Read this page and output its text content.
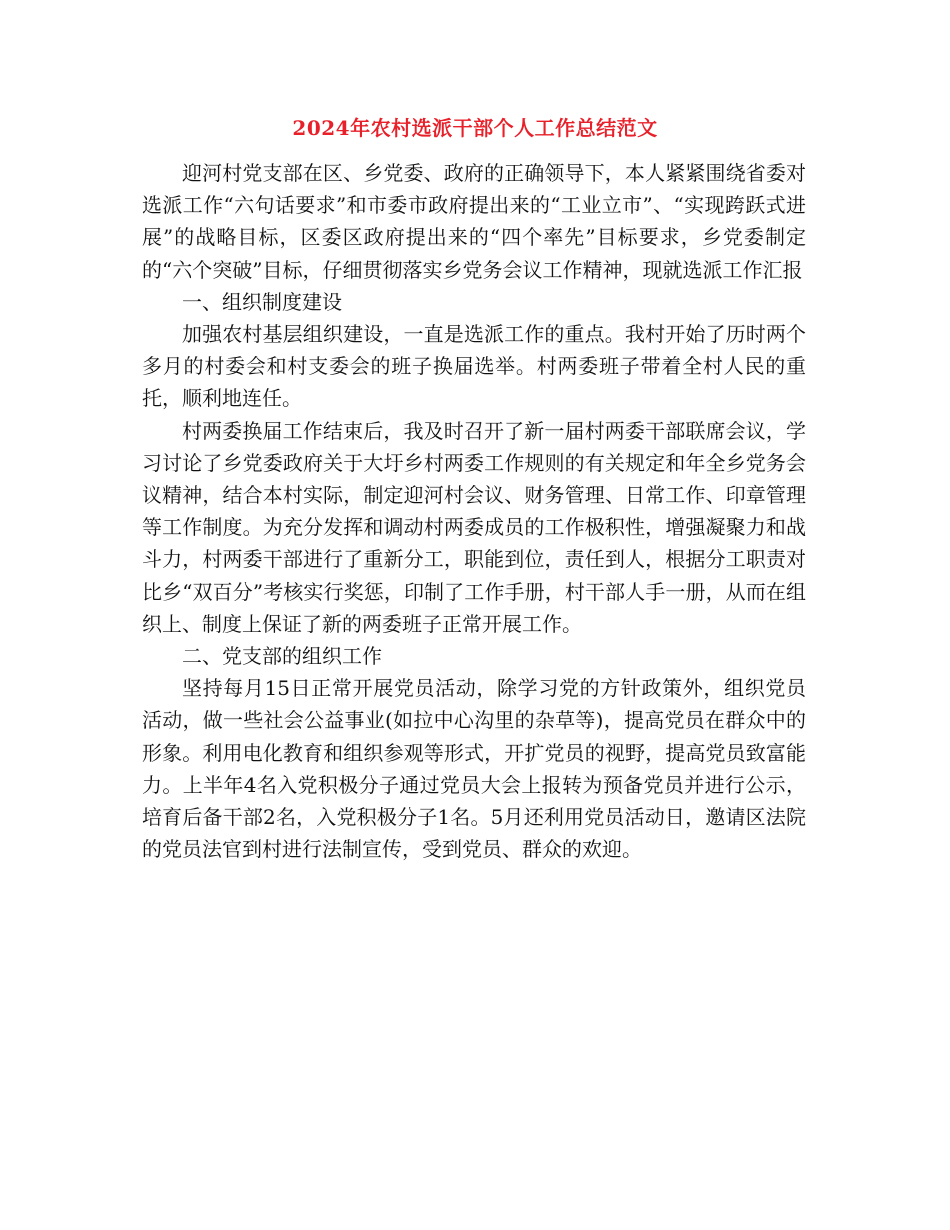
2024年农村选派干部个人工作总结范文

迎河村党支部在区、乡党委、政府的正确领导下，本人紧紧围绕省委对选派工作“六句话要求”和市委市政府提出来的“工业立市”、“实现跨跃式进展”的战略目标，区委区政府提出来的“四个率先”目标要求，乡党委制定的“六个突破”目标，仔细贯彻落实乡党务会议工作精神，现就选派工作汇报

一、组织制度建设

加强农村基层组织建设，一直是选派工作的重点。我村开始了历时两个多月的村委会和村支委会的班子换届选举。村两委班子带着全村人民的重托，顺利地连任。

村两委换届工作结束后，我及时召开了新一届村两委干部联席会议，学习讨论了乡党委政府关于大圩乡村两委工作规则的有关规定和年全乡党务会议精神，结合本村实际，制定迎河村会议、财务管理、日常工作、印章管理等工作制度。为充分发挥和调动村两委成员的工作极积性，增强凝聚力和战斗力，村两委干部进行了重新分工，职能到位，责任到人，根据分工职责对比乡“双百分”考核实行奖惩，印制了工作手册，村干部人手一册，从而在组织上、制度上保证了新的两委班子正常开展工作。

二、党支部的组织工作

坚持每月15日正常开展党员活动，除学习党的方针政策外，组织党员活动，做一些社会公益事业(如拉中心沟里的杂草等)，提高党员在群众中的形象。利用电化教育和组织参观等形式，开扩党员的视野，提高党员致富能力。上半年4名入党积极分子通过党员大会上报转为预备党员并进行公示，培育后备干部2名，入党积极分子1名。5月还利用党员活动日，邀请区法院的党员法官到村进行法制宣传，受到党员、群众的欢迎。
